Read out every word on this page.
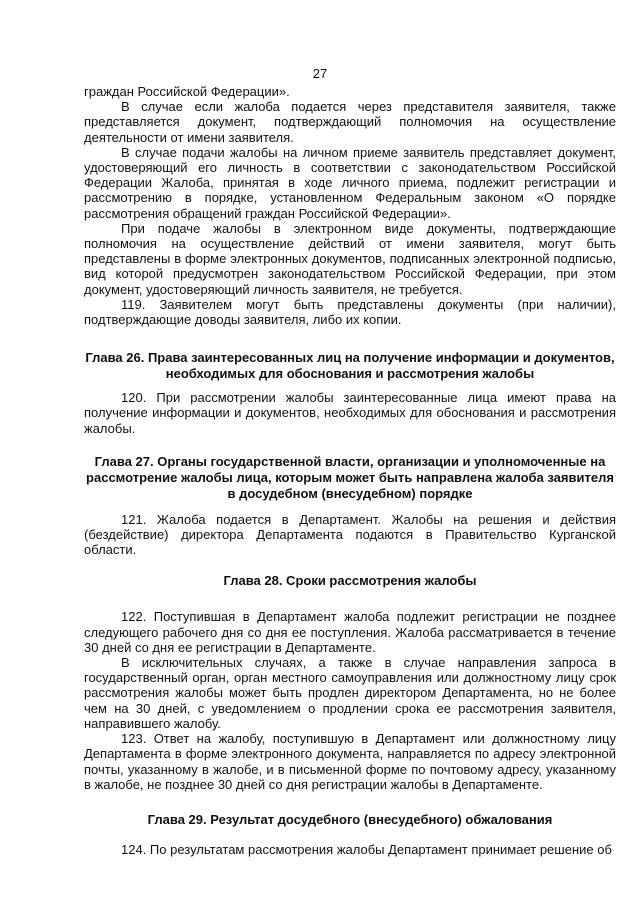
27

граждан Российской Федерации».

В случае если жалоба подается через представителя заявителя, также представляется документ, подтверждающий полномочия на осуществление деятельности от имени заявителя.

В случае подачи жалобы на личном приеме заявитель представляет документ, удостоверяющий его личность в соответствии с законодательством Российской Федерации Жалоба, принятая в ходе личного приема, подлежит регистрации и рассмотрению в порядке, установленном Федеральным законом «О порядке рассмотрения обращений граждан Российской Федерации».

При подаче жалобы в электронном виде документы, подтверждающие полномочия на осуществление действий от имени заявителя, могут быть представлены в форме электронных документов, подписанных электронной подписью, вид которой предусмотрен законодательством Российской Федерации, при этом документ, удостоверяющий личность заявителя, не требуется.

119. Заявителем могут быть представлены документы (при наличии), подтверждающие доводы заявителя, либо их копии.

Глава 26. Права заинтересованных лиц на получение информации и документов, необходимых для обоснования и рассмотрения жалобы

120. При рассмотрении жалобы заинтересованные лица имеют права на получение информации и документов, необходимых для обоснования и рассмотрения жалобы.

Глава 27. Органы государственной власти, организации и уполномоченные на рассмотрение жалобы лица, которым может быть направлена жалоба заявителя в досудебном (внесудебном) порядке

121. Жалоба подается в Департамент. Жалобы на решения и действия (бездействие) директора Департамента подаются в Правительство Курганской области.

Глава 28. Сроки рассмотрения жалобы

122. Поступившая в Департамент жалоба подлежит регистрации не позднее следующего рабочего дня со дня ее поступления. Жалоба рассматривается в течение 30 дней со дня ее регистрации в Департаменте.

В исключительных случаях, а также в случае направления запроса в государственный орган, орган местного самоуправления или должностному лицу срок рассмотрения жалобы может быть продлен директором Департамента, но не более чем на 30 дней, с уведомлением о продлении срока ее рассмотрения заявителя, направившего жалобу.

123. Ответ на жалобу, поступившую в Департамент или должностному лицу Департамента в форме электронного документа, направляется по адресу электронной почты, указанному в жалобе, и в письменной форме по почтовому адресу, указанному в жалобе, не позднее 30 дней со дня регистрации жалобы в Департаменте.

Глава 29. Результат досудебного (внесудебного) обжалования

124. По результатам рассмотрения жалобы Департамент принимает решение об
